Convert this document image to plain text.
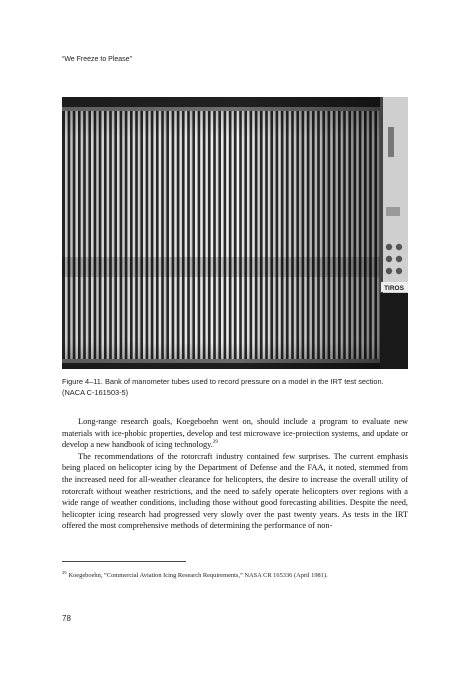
“We Freeze to Please”
TIROS
Figure 4–11. Bank of manometer tubes used to record pressure on a model in the IRT test section. (NACA C-161503-5)

Long-range research goals, Koegeboehn went on, should include a program to evaluate new materials with ice-phobic properties, develop and test microwave ice-protection systems, and update or develop a new handbook of icing technology.$^{29}$

The recommendations of the rotorcraft industry contained few surprises. The current emphasis being placed on helicopter icing by the Department of Defense and the FAA, it noted, stemmed from the increased need for all-weather clearance for helicopters, the desire to increase the overall utility of rotorcraft without weather restrictions, and the need to safely operate helicopters over regions with a wide range of weather conditions, including those without good forecasting abilities. Despite the need, helicopter icing research had progressed very slowly over the past twenty years. As tests in the IRT offered the most comprehensive methods of determining the performance of non-

$^{29}$ Koegeboehn, “Commercial Aviation Icing Research Requirements,” NASA CR 165336 (April 1981).
78
